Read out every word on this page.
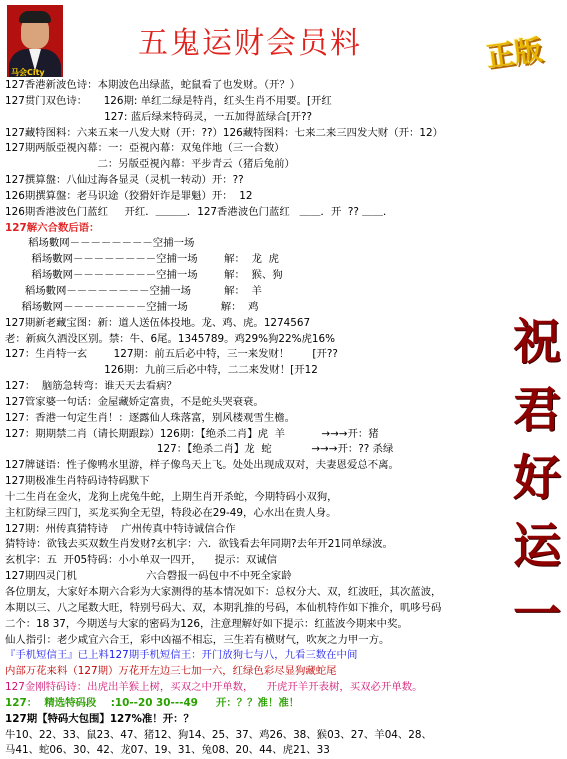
马会City
五鬼运财会员料	正版
祝
君
好
运
一
127香港新波色诗：本期波色出绿蓝，蛇鼠看了也发财。（开？）
127贯门双色诗：     126期: 单红二绿是特肖，红头生肖不用要。[开红
127: 蓝后绿来特码灵，一五加得蓝绿合[开??
127藏特图料：六来五来一八发大财（开：??）126藏特图料：七来二来三四发大财（开：12）
127期两版亞視內幕：一：亞視內幕：双兔伴地（三一合数）
二：另版亞視內幕：平步青云（猪后兔前）
127撰算盤：八仙过海各显灵（灵机一转动）开：??
126期撰算盤：老马识途（狡猾奸诈是罪魁）开：  12
126期香港波色门蓝红     开红．＿＿＿．127香港波色门蓝红   ＿＿．开  ?? ＿＿．
127解六合数后语：
稻场數网－－－－－－－－空捕一场
稻场數网－－－－－－－－空捕一场        解：  龙  虎
稻场數网－－－－－－－－空捕一场        解：  猴、狗
稻场數网－－－－－－－－空捕一场          解：  羊
稻场數网－－－－－－－－空捕一场          解：  鸡
127期新老藏宝图：新：道人送伍体投地。龙、鸡、虎。1274567
老：新疯久酒没区别。禁：牛、6尾。1345789。鸡29%狗22%虎16%
127：生肖特一玄        127期：前五后必中特，三一来发财！       [开??
126期：九前三后必中特，二二来发财！[开12
127：  脑筋急转弯：谁天天去看病？
127管家婆一句话：金屋藏娇定富贵，不是蛇头哭衰衰。
127：香港一句定生肖！：逐露仙人珠落富，别风楼观雪生檐。
127：期期禁二肖（请长期跟踪）126期：【绝杀二肖】虎  羊           →→→开：猪
127：【绝杀二肖】龙  蛇            →→→开：?? 杀绿
127牌谜语：性子像鸭水里游，样子像鸟天上飞。处处出现成双对，夫妻恩爱总不离。
127期极准生肖特码诗特码默下
十二生肖在金火，龙狗上虎兔牛蛇，上期生肖开杀蛇，今期特码小双狗，
主杠防绿三四门，买龙买狗全无望，特段必在29-49，心水出在贵人身。
127期：州传真猜特诗    广州传真中特诗诚信合作
猜特诗：欲钱去买双数生肖发财?玄机字：六．欲钱看去年同期?去年开21同单绿波。
玄机字：五  开05特码：小小单双一四开，    提示：双诚信
127期四灵门机                     六合磬报一码包中不中死全家龄
各位朋友，大家好本期六合彩为大家测得的基本情况如下：总权分大、双，红波旺，其次蓝波，
本期以三、八之尾数大旺，特别号码大、双，本期乳推的号码，本仙机特作如下推介，叽哆号码
二个：18 37，今期送与大家的密码为126，注意理解好如下提示：红蓝波今期来中奖。
仙人指引：老少咸宜六合王，彩中凶福不相忘，三生若有横财气，吹灰之力甲一方。
『手机短信王』已上料127期手机短信王：开门放狗七与八，九看三数在中间
内部万花来料（127期）万花开左边三七加一六，红绿色彩尽显狗藏蛇尾
127金刚特码诗：出虎出羊猴上树，买双之中开单数，    开虎开羊开表树，买双必开单数。
127：  精选特码段    :10--20 30---49     开：？？准！准！
127期【特码大包围】127%准！开：？
牛10、22、33、鼠23、47、猪12、狗14、25、37、鸡26、38、猴03、27、羊04、28、
马41、蛇06、30、42、龙07、19、31、兔08、20、44、虎21、33
